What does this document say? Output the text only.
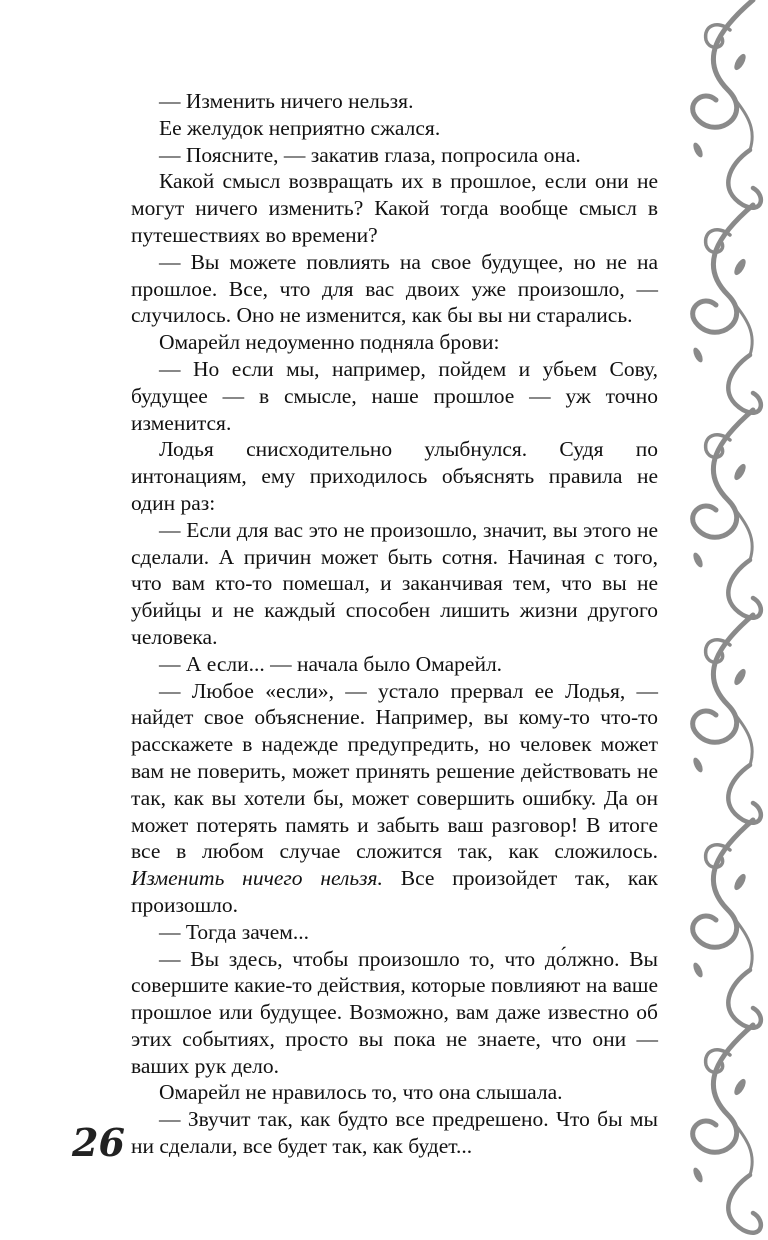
— Изменить ничего нельзя.

Ее желудок неприятно сжался.

— Поясните, — закатив глаза, попросила она.

Какой смысл возвращать их в прошлое, если они не могут ничего изменить? Какой тогда вообще смысл в путешествиях во времени?

— Вы можете повлиять на свое будущее, но не на прошлое. Все, что для вас двоих уже произошло, — случилось. Оно не изменится, как бы вы ни старались.

Омарейл недоуменно подняла брови:

— Но если мы, например, пойдем и убьем Сову, будущее — в смысле, наше прошлое — уж точно изменится.

Лодья снисходительно улыбнулся. Судя по интонациям, ему приходилось объяснять правила не один раз:

— Если для вас это не произошло, значит, вы этого не сделали. А причин может быть сотня. Начиная с того, что вам кто-то помешал, и заканчивая тем, что вы не убийцы и не каждый способен лишить жизни другого человека.

— А если... — начала было Омарейл.

— Любое «если», — устало прервал ее Лодья, — найдет свое объяснение. Например, вы кому-то что-то расскажете в надежде предупредить, но человек может вам не поверить, может принять решение действовать не так, как вы хотели бы, может совершить ошибку. Да он может потерять память и забыть ваш разговор! В итоге все в любом случае сложится так, как сложилось. Изменить ничего нельзя. Все произойдет так, как произошло.

— Тогда зачем...

— Вы здесь, чтобы произошло то, что до́лжно. Вы совершите какие-то действия, которые повлияют на ваше прошлое или будущее. Возможно, вам даже известно об этих событиях, просто вы пока не знаете, что они — ваших рук дело.

Омарейл не нравилось то, что она слышала.

— Звучит так, как будто все предрешено. Что бы мы ни сделали, все будет так, как будет...

26
